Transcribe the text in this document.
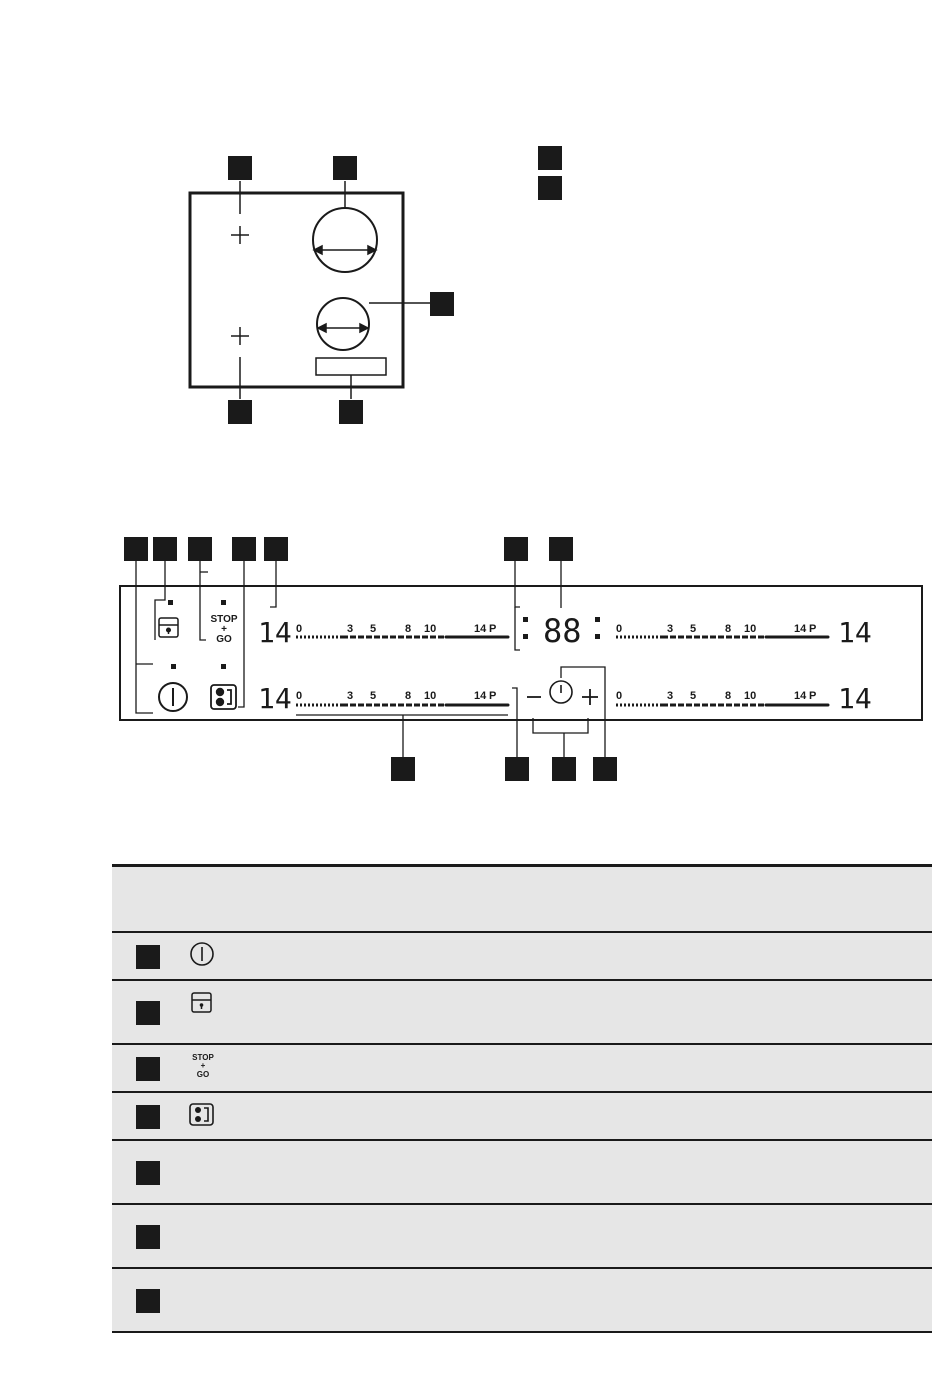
STOP
+
GO	88
14
14
14
14
0	3 5	8 10	14 P
0	3 5	8 10	14 P
0	3 5	8 10	14 P
0	3 5	8 10	14 P
STOP
+
GO
